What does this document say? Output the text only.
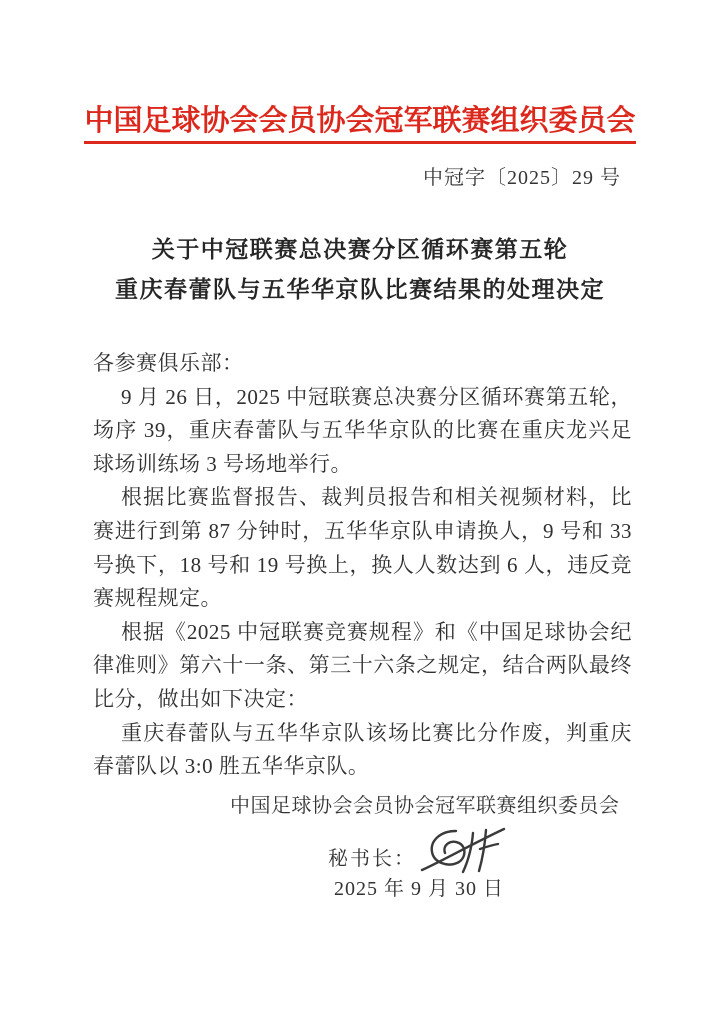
中国足球协会会员协会冠军联赛组织委员会
中冠字〔2025〕29 号
关于中冠联赛总决赛分区循环赛第五轮
重庆春蕾队与五华华京队比赛结果的处理决定

各参赛俱乐部：

9 月 26 日，2025 中冠联赛总决赛分区循环赛第五轮，场序 39，重庆春蕾队与五华华京队的比赛在重庆龙兴足球场训练场 3 号场地举行。

根据比赛监督报告、裁判员报告和相关视频材料，比赛进行到第 87 分钟时，五华华京队申请换人，9 号和 33 号换下，18 号和 19 号换上，换人人数达到 6 人，违反竞赛规程规定。

根据《2025 中冠联赛竞赛规程》和《中国足球协会纪律准则》第六十一条、第三十六条之规定，结合两队最终比分，做出如下决定：

重庆春蕾队与五华华京队该场比赛比分作废，判重庆春蕾队以 3:0 胜五华华京队。

中国足球协会会员协会冠军联赛组织委员会
秘书长：
2025 年 9 月 30 日
